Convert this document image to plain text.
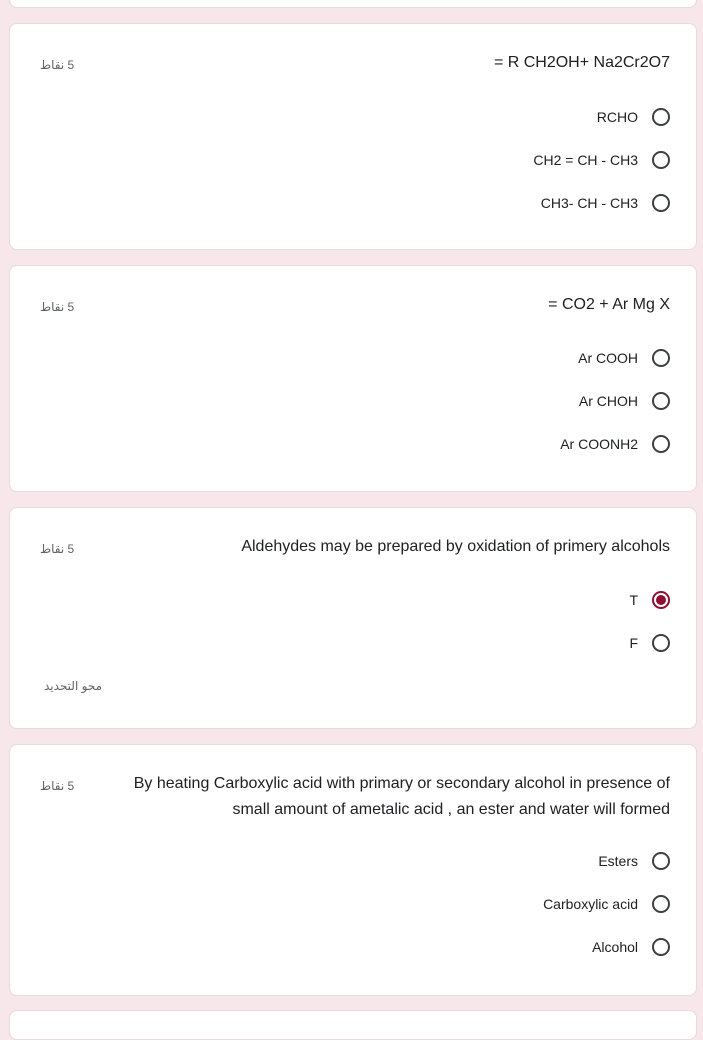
5 نقاط	= R CH2OH+ Na2Cr2O7
RCHO
CH2 = CH - CH3
CH3- CH - CH3
5 نقاط	= CO2 + Ar Mg X
Ar COOH
Ar CHOH
Ar COONH2
5 نقاط	Aldehydes may be prepared by oxidation of primery alcohols
T
F
محو التحديد
5 نقاط	By heating Carboxylic acid with primary or secondary alcohol in presence of
small amount of ametalic acid , an ester and water will formed
Esters
Carboxylic acid
Alcohol
